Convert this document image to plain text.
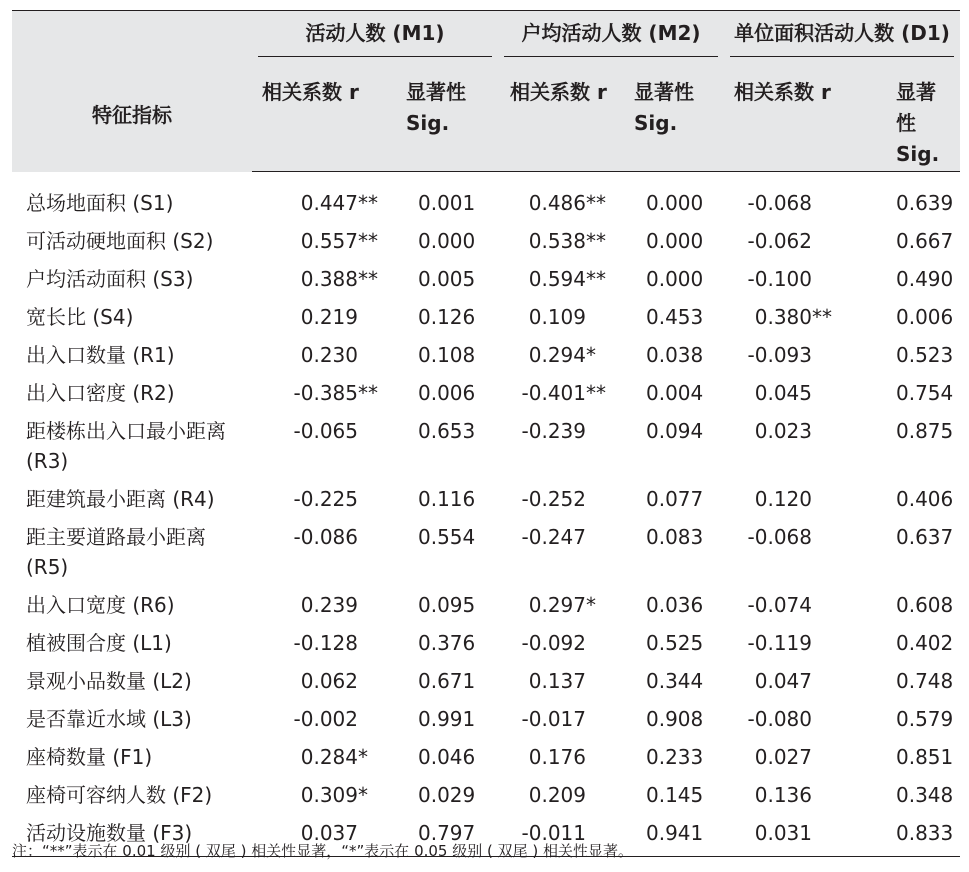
特征指标	活动人数 (M1)		户均活动人数 (M2)		单位面积活动人数 (D1)	

	相关系数 r	显著性 Sig.	相关系数 r	显著性 Sig.	相关系数 r	显著性 Sig.
总场地面积 (S1)	0.447**	0.001	0.486**	0.000	-0.068	0.639
可活动硬地面积 (S2)	0.557**	0.000	0.538**	0.000	-0.062	0.667
户均活动面积 (S3)	0.388**	0.005	0.594**	0.000	-0.100	0.490
宽长比 (S4)	0.219	0.126	0.109	0.453	0.380**	0.006
出入口数量 (R1)	0.230	0.108	0.294*	0.038	-0.093	0.523
出入口密度 (R2)	-0.385**	0.006	-0.401**	0.004	0.045	0.754
距楼栋出入口最小距离 (R3)	-0.065	0.653	-0.239	0.094	0.023	0.875
距建筑最小距离 (R4)	-0.225	0.116	-0.252	0.077	0.120	0.406
距主要道路最小距离 (R5)	-0.086	0.554	-0.247	0.083	-0.068	0.637
出入口宽度 (R6)	0.239	0.095	0.297*	0.036	-0.074	0.608
植被围合度 (L1)	-0.128	0.376	-0.092	0.525	-0.119	0.402
景观小品数量 (L2)	0.062	0.671	0.137	0.344	0.047	0.748
是否靠近水域 (L3)	-0.002	0.991	-0.017	0.908	-0.080	0.579
座椅数量 (F1)	0.284*	0.046	0.176	0.233	0.027	0.851
座椅可容纳人数 (F2)	0.309*	0.029	0.209	0.145	0.136	0.348
活动设施数量 (F3)	0.037	0.797	-0.011	0.941	0.031	0.833
注：“**”表示在 0.01 级别 ( 双尾 ) 相关性显著，“*”表示在 0.05 级别 ( 双尾 ) 相关性显著。
